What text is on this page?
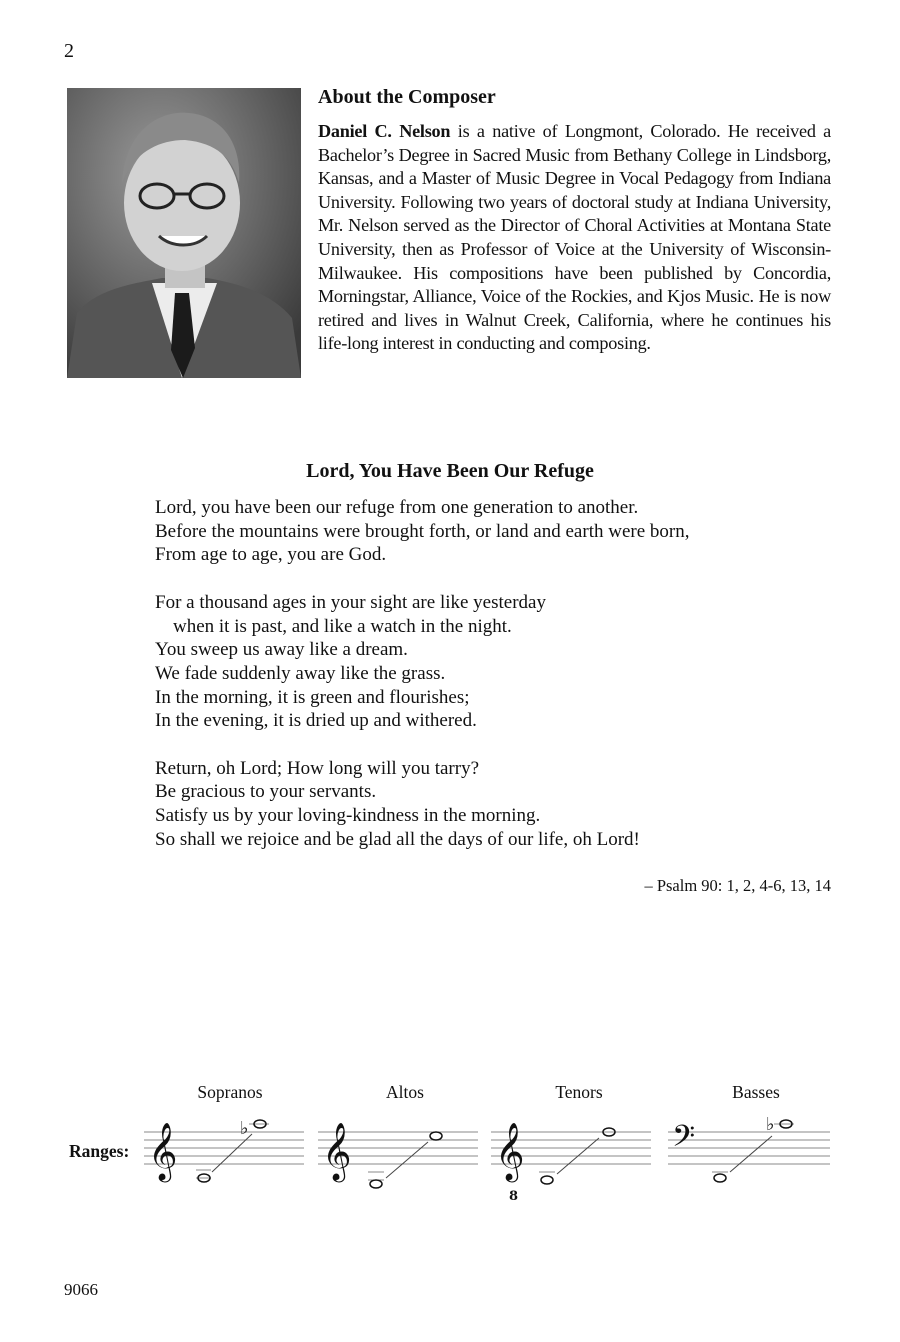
2
About the Composer
Daniel C. Nelson is a native of Longmont, Colorado. He received a Bachelor’s Degree in Sacred Music from Bethany College in Lindsborg, Kansas, and a Master of Music Degree in Vocal Pedagogy from Indiana University. Following two years of doctoral study at Indiana University, Mr. Nelson served as the Director of Choral Activities at Montana State University, then as Professor of Voice at the University of Wisconsin-Milwaukee. His compositions have been published by Concordia, Morningstar, Alliance, Voice of the Rockies, and Kjos Music. He is now retired and lives in Walnut Creek, California, where he continues his life-long interest in conducting and composing.
Lord, You Have Been Our Refuge
Lord, you have been our refuge from one generation to another.
Before the mountains were brought forth, or land and earth were born,
From age to age, you are God.
For a thousand ages in your sight are like yesterday
when it is past, and like a watch in the night.
You sweep us away like a dream.
We fade suddenly away like the grass.
In the morning, it is green and flourishes;
In the evening, it is dried up and withered.
Return, oh Lord; How long will you tarry?
Be gracious to your servants.
Satisfy us by your loving-kindness in the morning.
So shall we rejoice and be glad all the days of our life, oh Lord!
– Psalm 90: 1, 2, 4-6, 13, 14
Sopranos	Altos	Tenors	Basses
Ranges: 𝄞	♭ 𝄞	𝄞
8
𝄢	♭
9066
